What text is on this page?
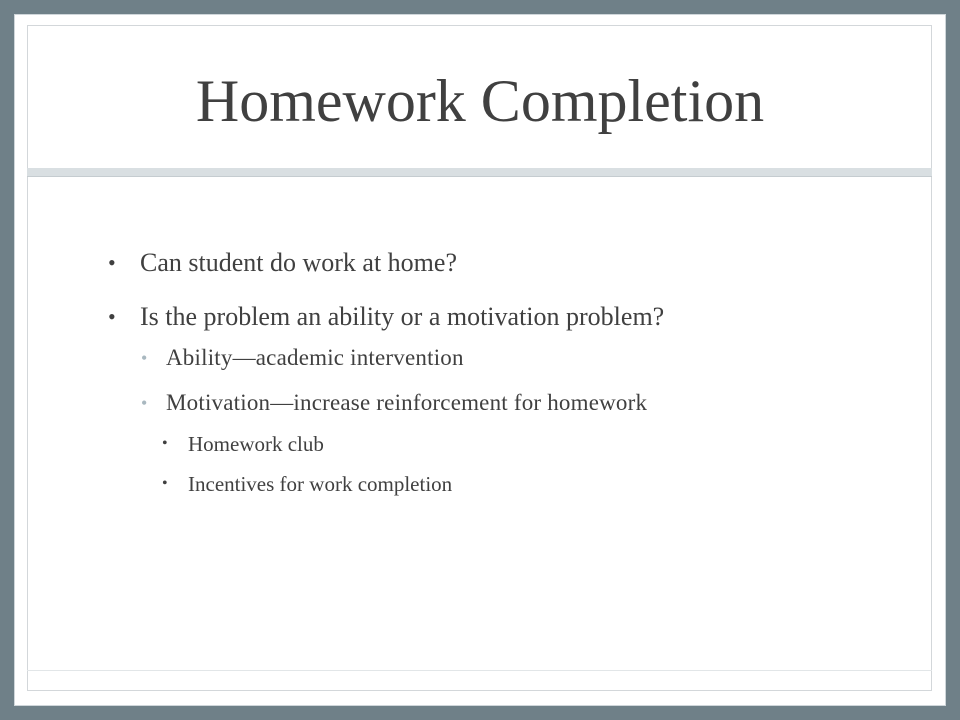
Homework Completion
• Can student do work at home?
• Is the problem an ability or a motivation problem?
• Ability—academic intervention
• Motivation—increase reinforcement for homework
• Homework club
• Incentives for work completion
